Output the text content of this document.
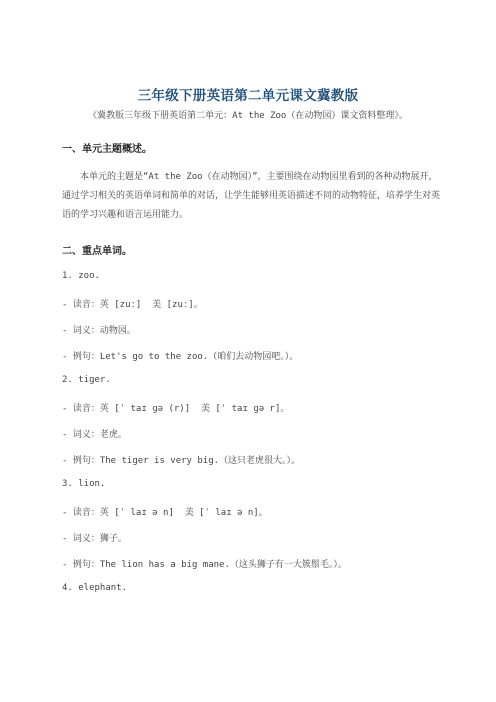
三年级下册英语第二单元课文冀教版
《冀教版三年级下册英语第二单元：At the Zoo（在动物园）课文资料整理》。
一、单元主题概述。

本单元的主题是“At the Zoo（在动物园）”，主要围绕在动物园里看到的各种动物展开，通过学习相关的英语单词和简单的对话，让学生能够用英语描述不同的动物特征，培养学生对英语的学习兴趣和语言运用能力。

二、重点单词。
1. zoo.
- 读音：英 [zuː]  美 [zuː]。
- 词义：动物园。
- 例句：Let's go to the zoo.（咱们去动物园吧。）。
2. tiger.
- 读音：英 [ˈ taɪ ɡə (r)]  美 [ˈ taɪ ɡə r]。
- 词义：老虎。
- 例句：The tiger is very big.（这只老虎很大。）。
3. lion.
- 读音：英 [ˈ laɪ ə n]  美 [ˈ laɪ ə n]。
- 词义：狮子。
- 例句：The lion has a big mane.（这头狮子有一大簇鬃毛。）。
4. elephant.
